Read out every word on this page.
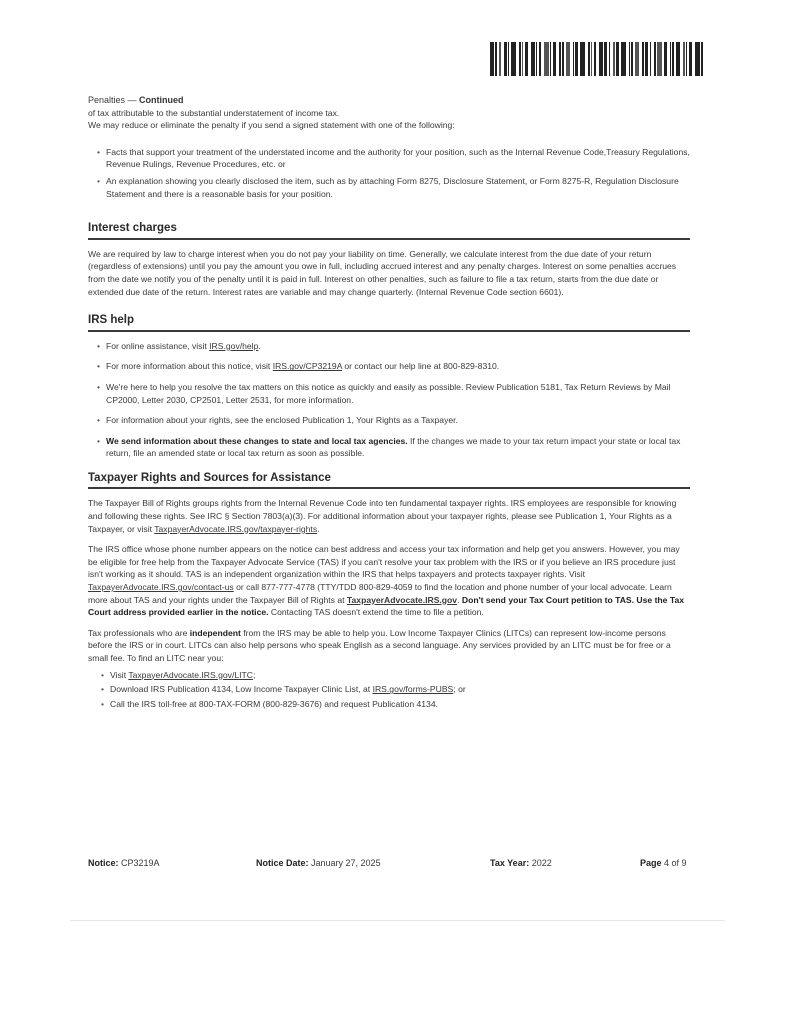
Penalties — Continued

of tax attributable to the substantial understatement of income tax.

We may reduce or eliminate the penalty if you send a signed statement with one of the following:

• Facts that support your treatment of the understated income and the authority for your position, such as the Internal Revenue Code,Treasury Regulations, Revenue Rulings, Revenue Procedures, etc. or
• An explanation showing you clearly disclosed the item, such as by attaching Form 8275, Disclosure Statement, or Form 8275-R, Regulation Disclosure Statement and there is a reasonable basis for your position.
Interest charges

We are required by law to charge interest when you do not pay your liability on time. Generally, we calculate interest from the due date of your return (regardless of extensions) until you pay the amount you owe in full, including accrued interest and any penalty charges. Interest on some penalties accrues from the date we notify you of the penalty until it is paid in full. Interest on other penalties, such as failure to file a tax return, starts from the due date or extended due date of the return. Interest rates are variable and may change quarterly. (Internal Revenue Code section 6601).

IRS help
• For online assistance, visit IRS.gov/help.
• For more information about this notice, visit IRS.gov/CP3219A or contact our help line at 800-829-8310.
• We're here to help you resolve the tax matters on this notice as quickly and easily as possible. Review Publication 5181, Tax Return Reviews by Mail CP2000, Letter 2030, CP2501, Letter 2531, for more information.
• For information about your rights, see the enclosed Publication 1, Your Rights as a Taxpayer.
• We send information about these changes to state and local tax agencies. If the changes we made to your tax return impact your state or local tax return, file an amended state or local tax return as soon as possible.
Taxpayer Rights and Sources for Assistance

The Taxpayer Bill of Rights groups rights from the Internal Revenue Code into ten fundamental taxpayer rights. IRS employees are responsible for knowing and following these rights. See IRC § Section 7803(a)(3). For additional information about your taxpayer rights, please see Publication 1, Your Rights as a Taxpayer, or visit TaxpayerAdvocate.IRS.gov/taxpayer-rights.

The IRS office whose phone number appears on the notice can best address and access your tax information and help get you answers. However, you may be eligible for free help from the Taxpayer Advocate Service (TAS) if you can't resolve your tax problem with the IRS or if you believe an IRS procedure just isn't working as it should. TAS is an independent organization within the IRS that helps taxpayers and protects taxpayer rights. Visit TaxpayerAdvocate.IRS.gov/contact-us or call 877-777-4778 (TTY/TDD 800-829-4059 to find the location and phone number of your local advocate. Learn more about TAS and your rights under the Taxpayer Bill of Rights at TaxpayerAdvocate.IRS.gov. Don't send your Tax Court petition to TAS. Use the Tax Court address provided earlier in the notice. Contacting TAS doesn't extend the time to file a petition.

Tax professionals who are independent from the IRS may be able to help you. Low Income Taxpayer Clinics (LITCs) can represent low-income persons before the IRS or in court. LITCs can also help persons who speak English as a second language. Any services provided by an LITC must be for free or a small fee. To find an LITC near you:

• Visit TaxpayerAdvocate.IRS.gov/LITC;
• Download IRS Publication 4134, Low Income Taxpayer Clinic List, at IRS.gov/forms-PUBS; or
• Call the IRS toll-free at 800-TAX-FORM (800-829-3676) and request Publication 4134.
Notice: CP3219A	Notice Date: January 27, 2025	Tax Year: 2022	Page 4 of 9
